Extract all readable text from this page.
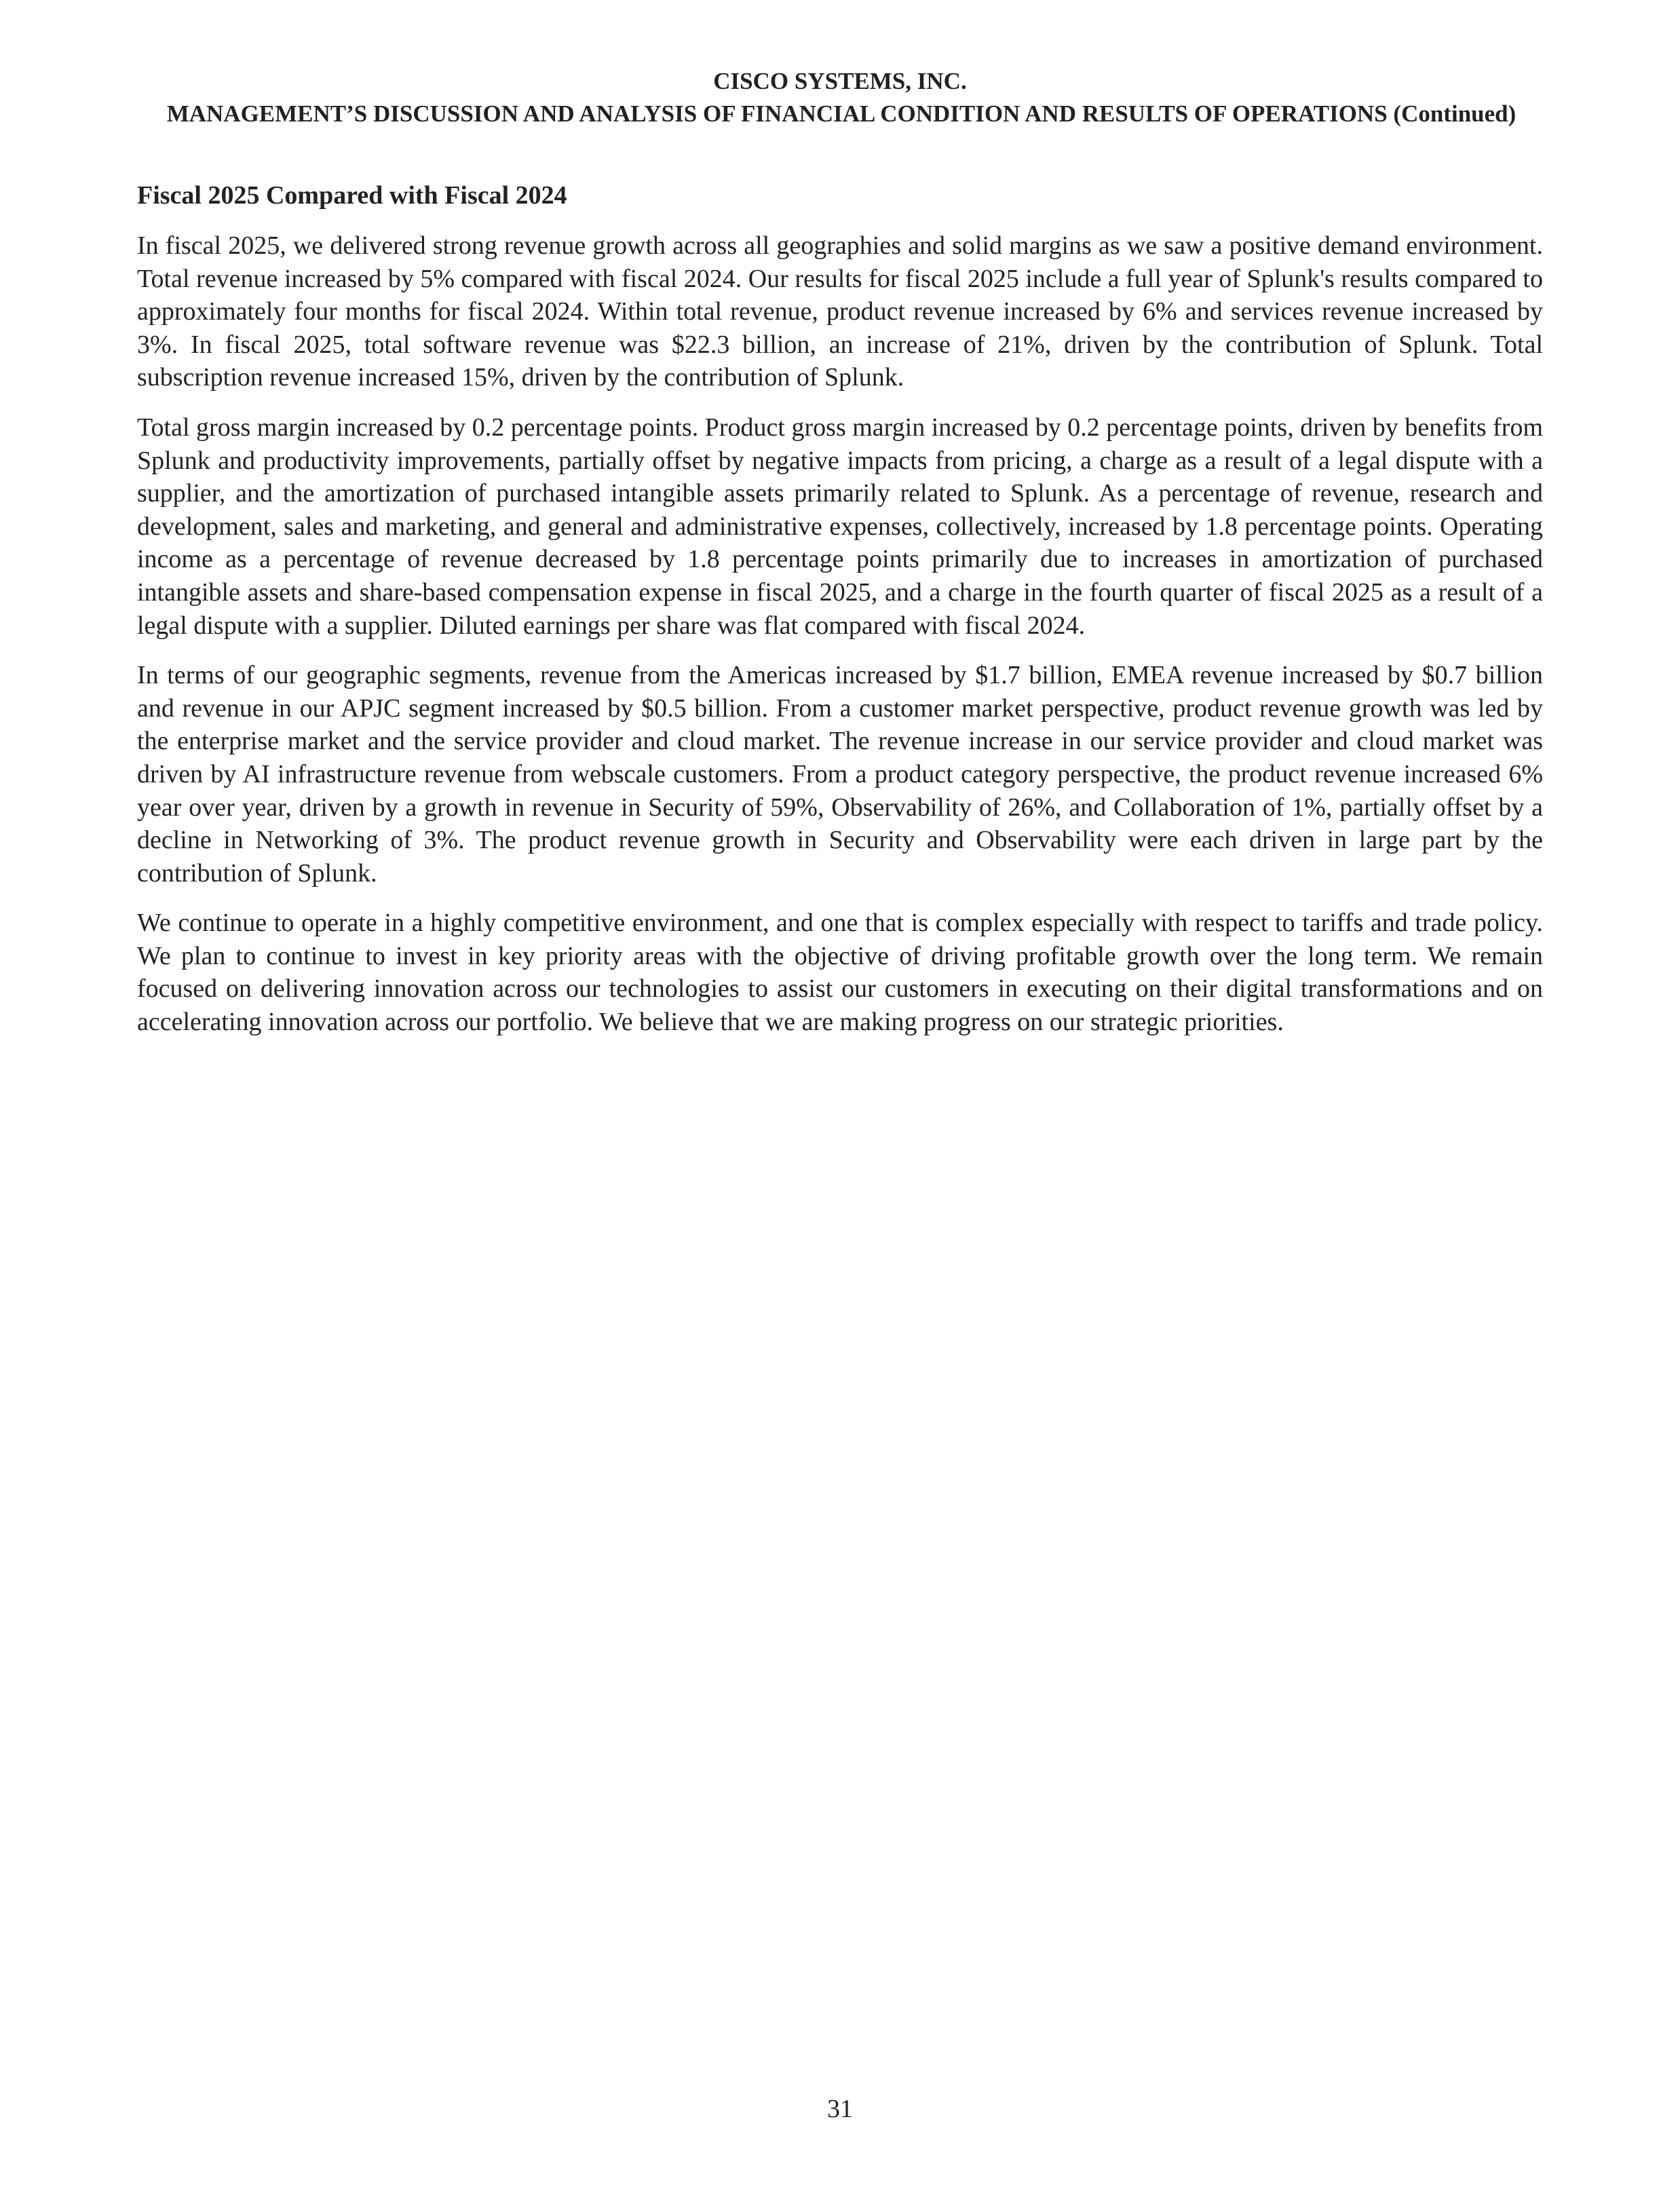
CISCO SYSTEMS, INC.
MANAGEMENT’S DISCUSSION AND ANALYSIS OF FINANCIAL CONDITION AND RESULTS OF OPERATIONS (Continued)
Fiscal 2025 Compared with Fiscal 2024

In fiscal 2025, we delivered strong revenue growth across all geographies and solid margins as we saw a positive demand environment. Total revenue increased by 5% compared with fiscal 2024. Our results for fiscal 2025 include a full year of Splunk's results compared to approximately four months for fiscal 2024. Within total revenue, product revenue increased by 6% and services revenue increased by 3%. In fiscal 2025, total software revenue was $22.3 billion, an increase of 21%, driven by the contribution of Splunk. Total subscription revenue increased 15%, driven by the contribution of Splunk.

Total gross margin increased by 0.2 percentage points. Product gross margin increased by 0.2 percentage points, driven by benefits from Splunk and productivity improvements, partially offset by negative impacts from pricing, a charge as a result of a legal dispute with a supplier, and the amortization of purchased intangible assets primarily related to Splunk. As a percentage of revenue, research and development, sales and marketing, and general and administrative expenses, collectively, increased by 1.8 percentage points. Operating income as a percentage of revenue decreased by 1.8 percentage points primarily due to increases in amortization of purchased intangible assets and share-based compensation expense in fiscal 2025, and a charge in the fourth quarter of fiscal 2025 as a result of a legal dispute with a supplier. Diluted earnings per share was flat compared with fiscal 2024.

In terms of our geographic segments, revenue from the Americas increased by $1.7 billion, EMEA revenue increased by $0.7 billion and revenue in our APJC segment increased by $0.5 billion. From a customer market perspective, product revenue growth was led by the enterprise market and the service provider and cloud market. The revenue increase in our service provider and cloud market was driven by AI infrastructure revenue from webscale customers. From a product category perspective, the product revenue increased 6% year over year, driven by a growth in revenue in Security of 59%, Observability of 26%, and Collaboration of 1%, partially offset by a decline in Networking of 3%. The product revenue growth in Security and Observability were each driven in large part by the contribution of Splunk.

We continue to operate in a highly competitive environment, and one that is complex especially with respect to tariffs and trade policy. We plan to continue to invest in key priority areas with the objective of driving profitable growth over the long term. We remain focused on delivering innovation across our technologies to assist our customers in executing on their digital transformations and on accelerating innovation across our portfolio. We believe that we are making progress on our strategic priorities.

31
